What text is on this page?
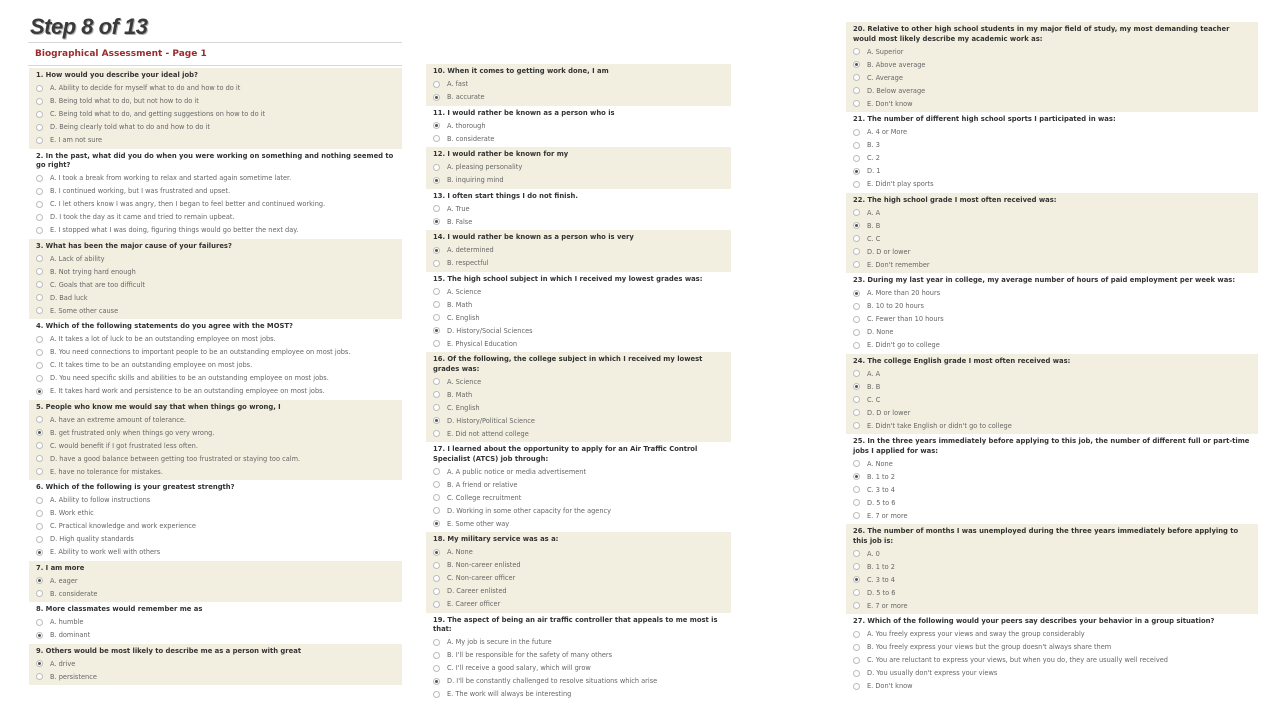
Step 8 of 13
Biographical Assessment - Page 1
1. How would you describe your ideal job?
A. Ability to decide for myself what to do and how to do it
B. Being told what to do, but not how to do it
C. Being told what to do, and getting suggestions on how to do it
D. Being clearly told what to do and how to do it
E. I am not sure
2. In the past, what did you do when you were working on something and nothing seemed to go right?
A. I took a break from working to relax and started again sometime later.
B. I continued working, but I was frustrated and upset.
C. I let others know I was angry, then I began to feel better and continued working.
D. I took the day as it came and tried to remain upbeat.
E. I stopped what I was doing, figuring things would go better the next day.
3. What has been the major cause of your failures?
A. Lack of ability
B. Not trying hard enough
C. Goals that are too difficult
D. Bad luck
E. Some other cause
4. Which of the following statements do you agree with the MOST?
A. It takes a lot of luck to be an outstanding employee on most jobs.
B. You need connections to important people to be an outstanding employee on most jobs.
C. It takes time to be an outstanding employee on most jobs.
D. You need specific skills and abilities to be an outstanding employee on most jobs.
E. It takes hard work and persistence to be an outstanding employee on most jobs.
5. People who know me would say that when things go wrong, I
A. have an extreme amount of tolerance.
B. get frustrated only when things go very wrong.
C. would benefit if I got frustrated less often.
D. have a good balance between getting too frustrated or staying too calm.
E. have no tolerance for mistakes.
6. Which of the following is your greatest strength?
A. Ability to follow instructions
B. Work ethic
C. Practical knowledge and work experience
D. High quality standards
E. Ability to work well with others
7. I am more
A. eager
B. considerate
8. More classmates would remember me as
A. humble
B. dominant
9. Others would be most likely to describe me as a person with great
A. drive
B. persistence
10. When it comes to getting work done, I am
A. fast
B. accurate
11. I would rather be known as a person who is
A. thorough
B. considerate
12. I would rather be known for my
A. pleasing personality
B. inquiring mind
13. I often start things I do not finish.
A. True
B. False
14. I would rather be known as a person who is very
A. determined
B. respectful
15. The high school subject in which I received my lowest grades was:
A. Science
B. Math
C. English
D. History/Social Sciences
E. Physical Education
16. Of the following, the college subject in which I received my lowest grades was:
A. Science
B. Math
C. English
D. History/Political Science
E. Did not attend college
17. I learned about the opportunity to apply for an Air Traffic Control Specialist (ATCS) job through:
A. A public notice or media advertisement
B. A friend or relative
C. College recruitment
D. Working in some other capacity for the agency
E. Some other way
18. My military service was as a:
A. None
B. Non-career enlisted
C. Non-career officer
D. Career enlisted
E. Career officer
19. The aspect of being an air traffic controller that appeals to me most is that:
A. My job is secure in the future
B. I'll be responsible for the safety of many others
C. I'll receive a good salary, which will grow
D. I'll be constantly challenged to resolve situations which arise
E. The work will always be interesting
20. Relative to other high school students in my major field of study, my most demanding teacher would most likely describe my academic work as:
A. Superior
B. Above average
C. Average
D. Below average
E. Don't know
21. The number of different high school sports I participated in was:
A. 4 or More
B. 3
C. 2
D. 1
E. Didn't play sports
22. The high school grade I most often received was:
A. A
B. B
C. C
D. D or lower
E. Don't remember
23. During my last year in college, my average number of hours of paid employment per week was:
A. More than 20 hours
B. 10 to 20 hours
C. Fewer than 10 hours
D. None
E. Didn't go to college
24. The college English grade I most often received was:
A. A
B. B
C. C
D. D or lower
E. Didn't take English or didn't go to college
25. In the three years immediately before applying to this job, the number of different full or part-time jobs I applied for was:
A. None
B. 1 to 2
C. 3 to 4
D. 5 to 6
E. 7 or more
26. The number of months I was unemployed during the three years immediately before applying to this job is:
A. 0
B. 1 to 2
C. 3 to 4
D. 5 to 6
E. 7 or more
27. Which of the following would your peers say describes your behavior in a group situation?
A. You freely express your views and sway the group considerably
B. You freely express your views but the group doesn't always share them
C. You are reluctant to express your views, but when you do, they are usually well received
D. You usually don't express your views
E. Don't know
